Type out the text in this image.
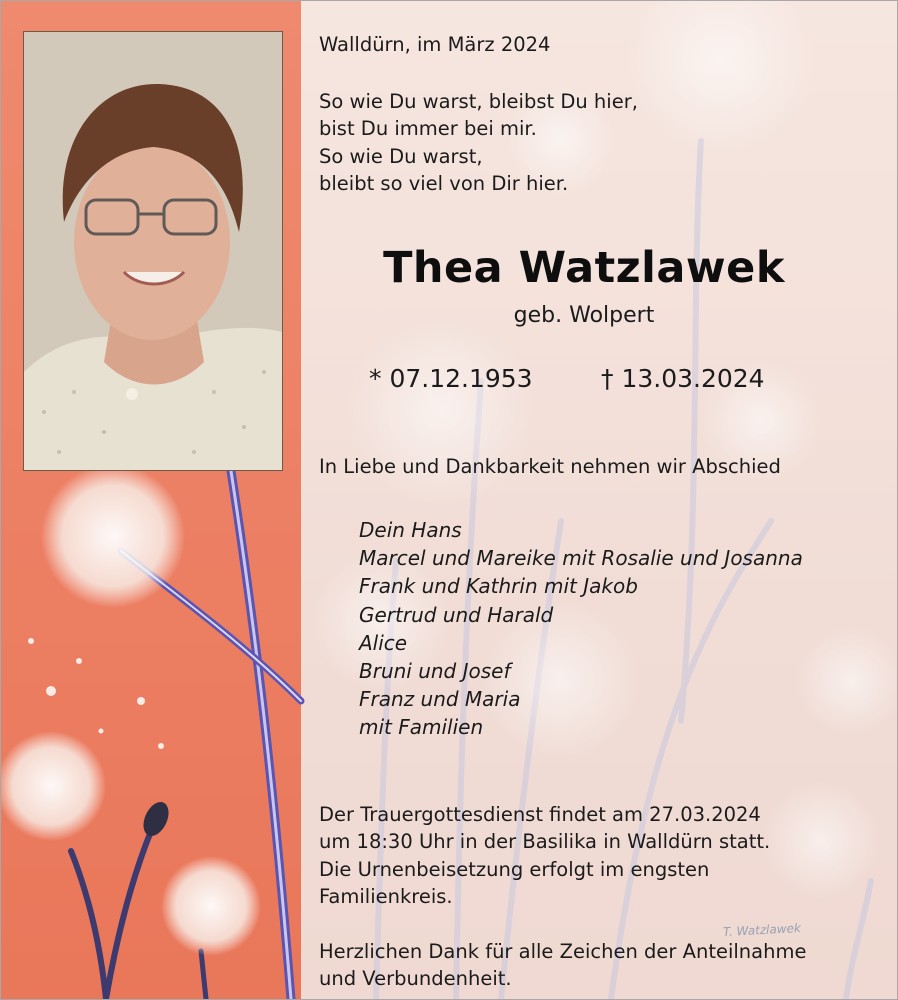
Walldürn, im März 2024
So wie Du warst, bleibst Du hier,
bist Du immer bei mir.
So wie Du warst,
bleibt so viel von Dir hier.
Thea Watzlawek
geb. Wolpert
* 07.12.1953	† 13.03.2024
In Liebe und Dankbarkeit nehmen wir Abschied
Dein Hans
Marcel und Mareike mit Rosalie und Josanna
Frank und Kathrin mit Jakob
Gertrud und Harald
Alice
Bruni und Josef
Franz und Maria
mit Familien
Der Trauergottesdienst findet am 27.03.2024
um 18:30 Uhr in der Basilika in Walldürn statt.
Die Urnenbeisetzung erfolgt im engsten
Familienkreis.
Herzlichen Dank für alle Zeichen der Anteilnahme
und Verbundenheit.
T. Watzlawek
